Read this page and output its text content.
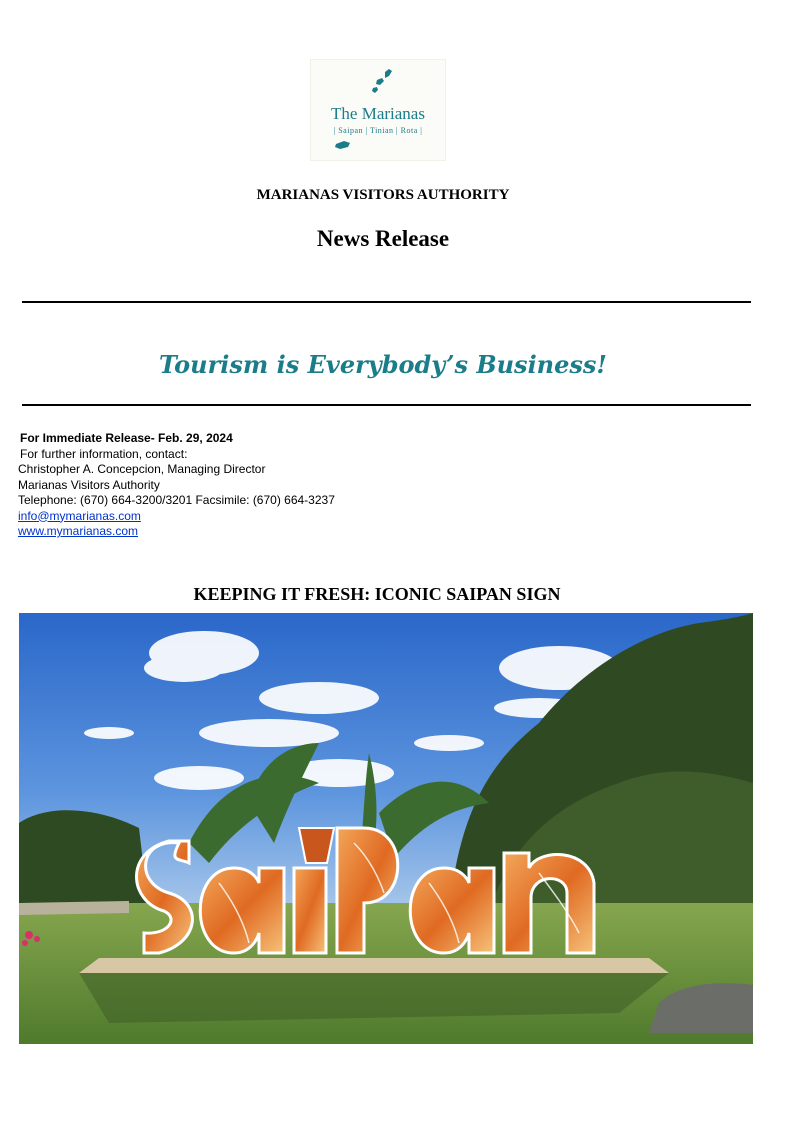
The Marianas
| Saipan | Tinian | Rota |
MARIANAS VISITORS AUTHORITY
News Release
Tourism is Everybody’s Business!
For Immediate Release- Feb. 29, 2024
For further information, contact:
Christopher A. Concepcion, Managing Director
Marianas Visitors Authority
Telephone: (670) 664-3200/3201 Facsimile: (670) 664-3237
info@mymarianas.com
www.mymarianas.com
KEEPING IT FRESH: ICONIC SAIPAN SIGN
